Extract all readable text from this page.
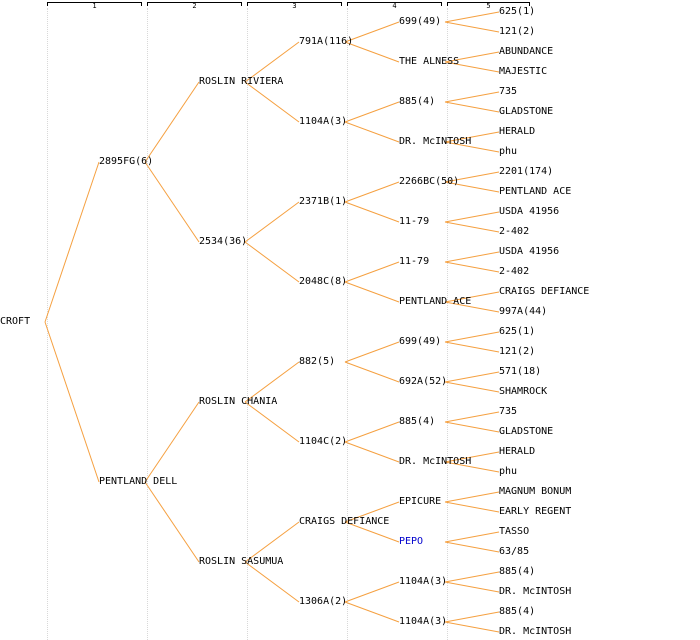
1	2	3	4	5
CROFT
2895FG(6)
ROSLIN RIVIERA
791A(116)
699(49)
625(1)
121(2)
THE ALNESS
ABUNDANCE
MAJESTIC
1104A(3)
885(4)
735
GLADSTONE
DR. McINTOSH
HERALD
phu
2534(36)
2371B(1)
2266BC(50)
2201(174)
PENTLAND ACE
11-79
USDA 41956
2-402
2048C(8)
11-79
USDA 41956
2-402
PENTLAND ACE
CRAIGS DEFIANCE
997A(44)
PENTLAND DELL
ROSLIN CHANIA
882(5)
699(49)
625(1)
121(2)
692A(52)
571(18)
SHAMROCK
1104C(2)
885(4)
735
GLADSTONE
DR. McINTOSH
HERALD
phu
ROSLIN SASUMUA
CRAIGS DEFIANCE
EPICURE
MAGNUM BONUM
EARLY REGENT
PEPO
TASSO
63/85
1306A(2)
1104A(3)
885(4)
DR. McINTOSH
1104A(3)
885(4)
DR. McINTOSH
